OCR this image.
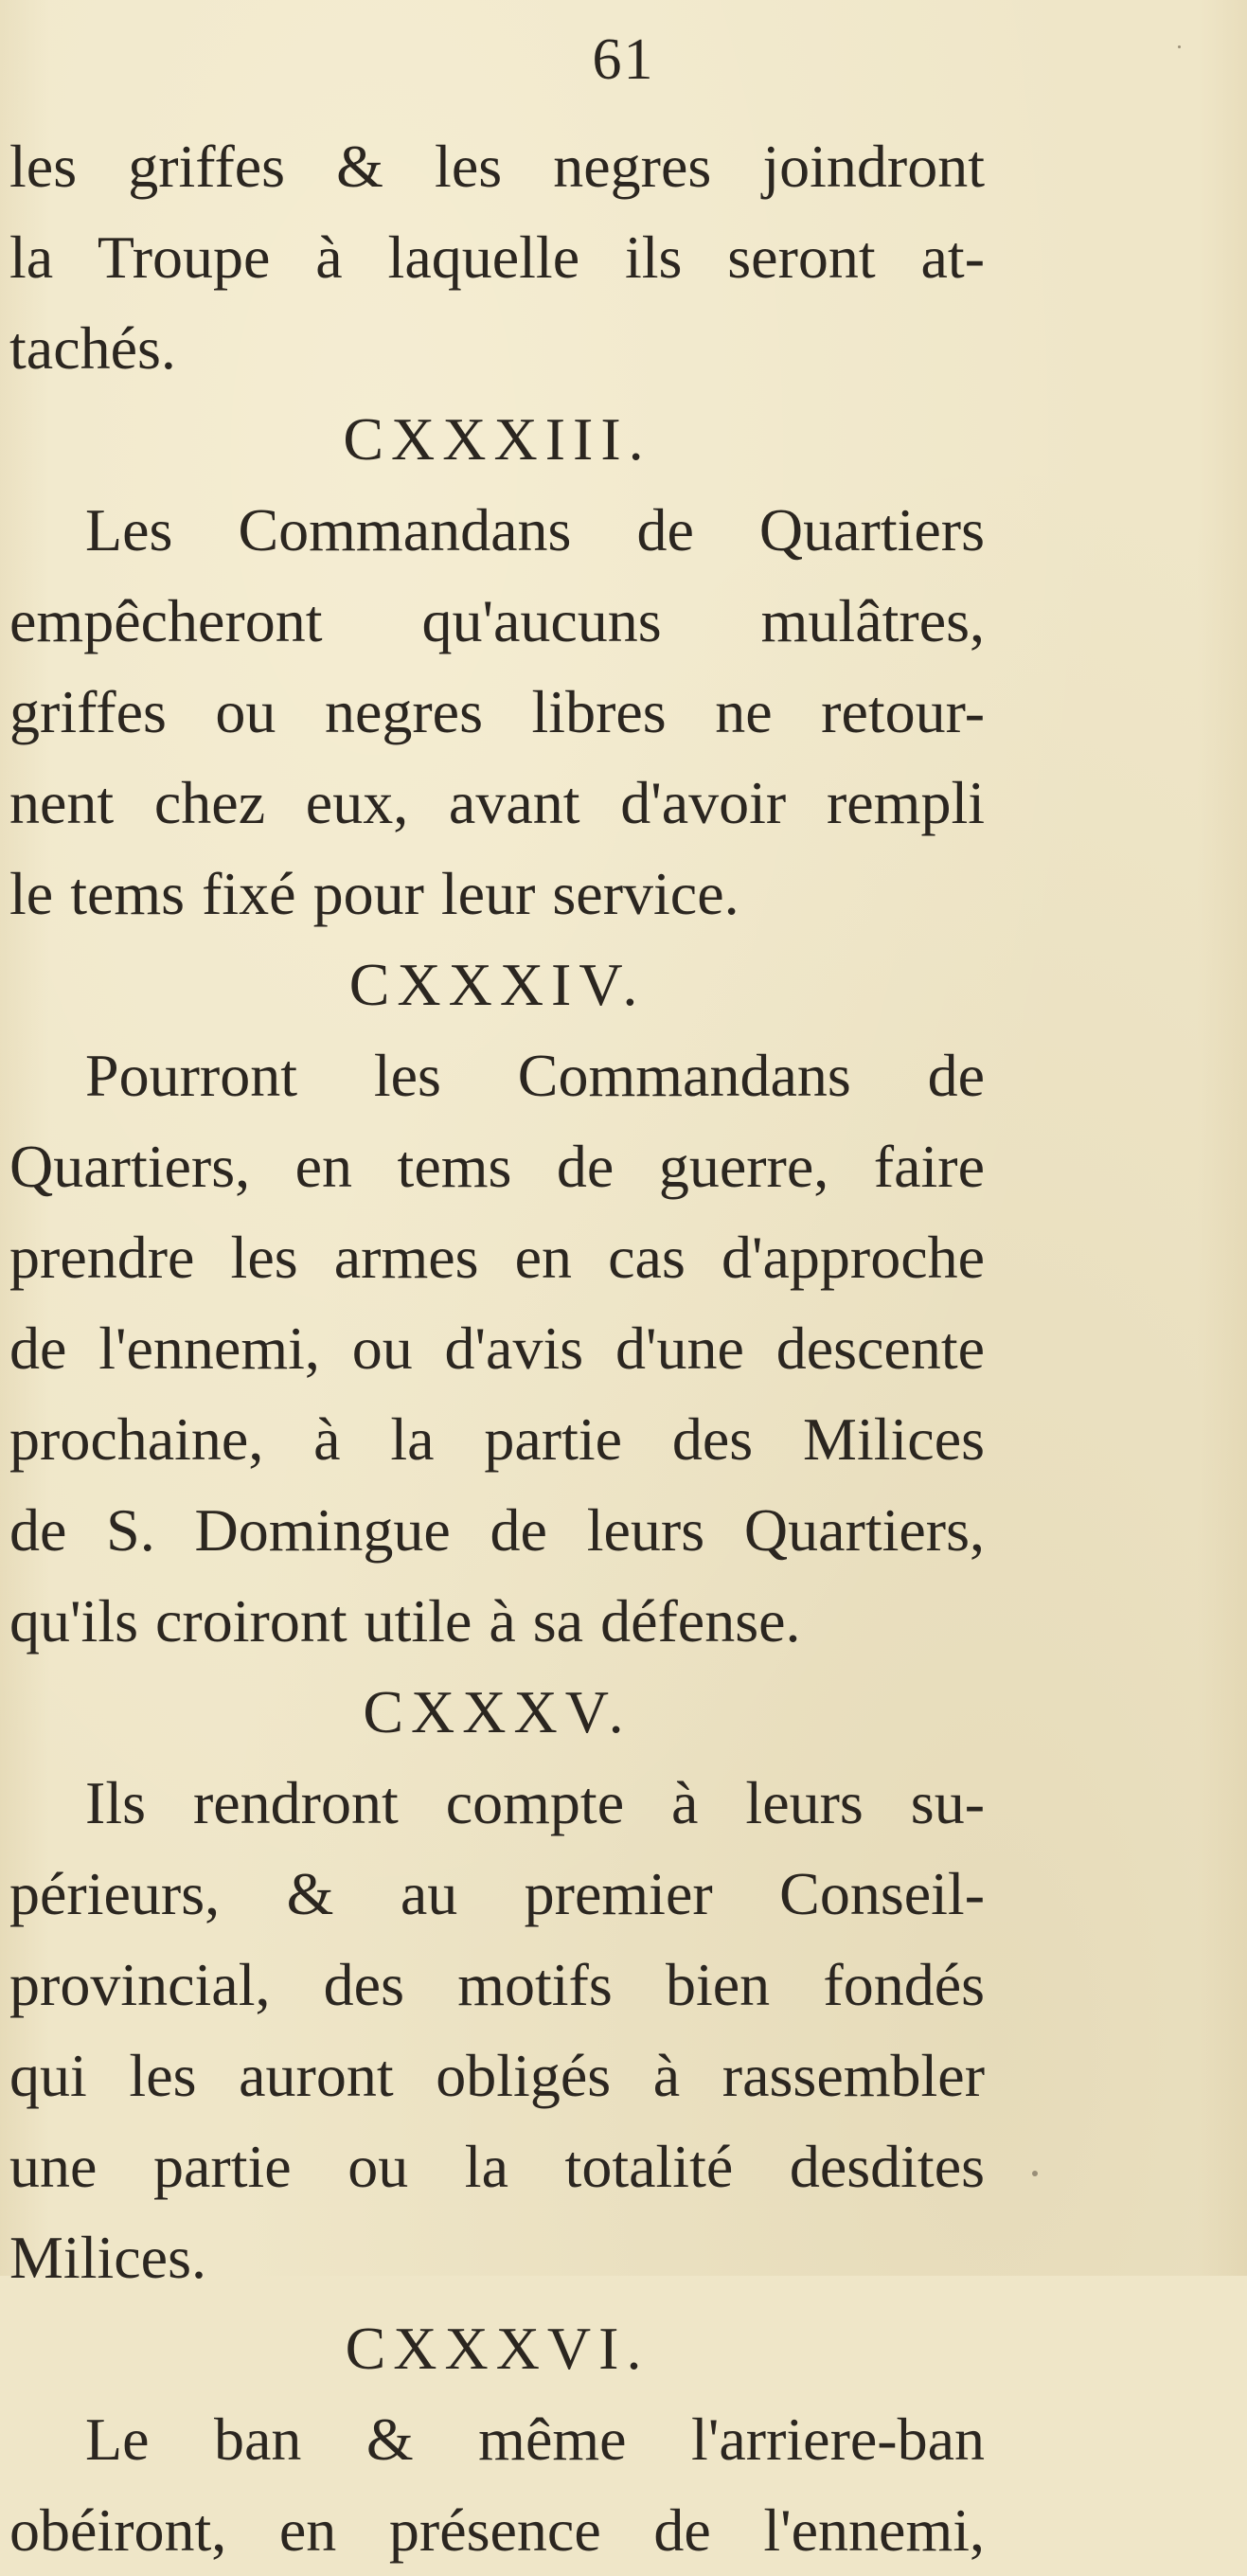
61
les griffes & les negres joindront
la Troupe à laquelle ils seront at-
tachés.
CXXXIII.
Les Commandans de Quartiers
empêcheront qu'aucuns mulâtres,
griffes ou negres libres ne retour-
nent chez eux, avant d'avoir rempli
le tems fixé pour leur service.
CXXXIV.
Pourront les Commandans de
Quartiers, en tems de guerre, faire
prendre les armes en cas d'approche
de l'ennemi, ou d'avis d'une descente
prochaine, à la partie des Milices
de S. Domingue de leurs Quartiers,
qu'ils croiront utile à sa défense.
CXXXV.
Ils rendront compte à leurs su-
périeurs, & au premier Conseil-
provincial, des motifs bien fondés
qui les auront obligés à rassembler
une partie ou la totalité desdites
Milices.
CXXXVI.
Le ban & même l'arriere-ban
obéiront, en présence de l'ennemi,
